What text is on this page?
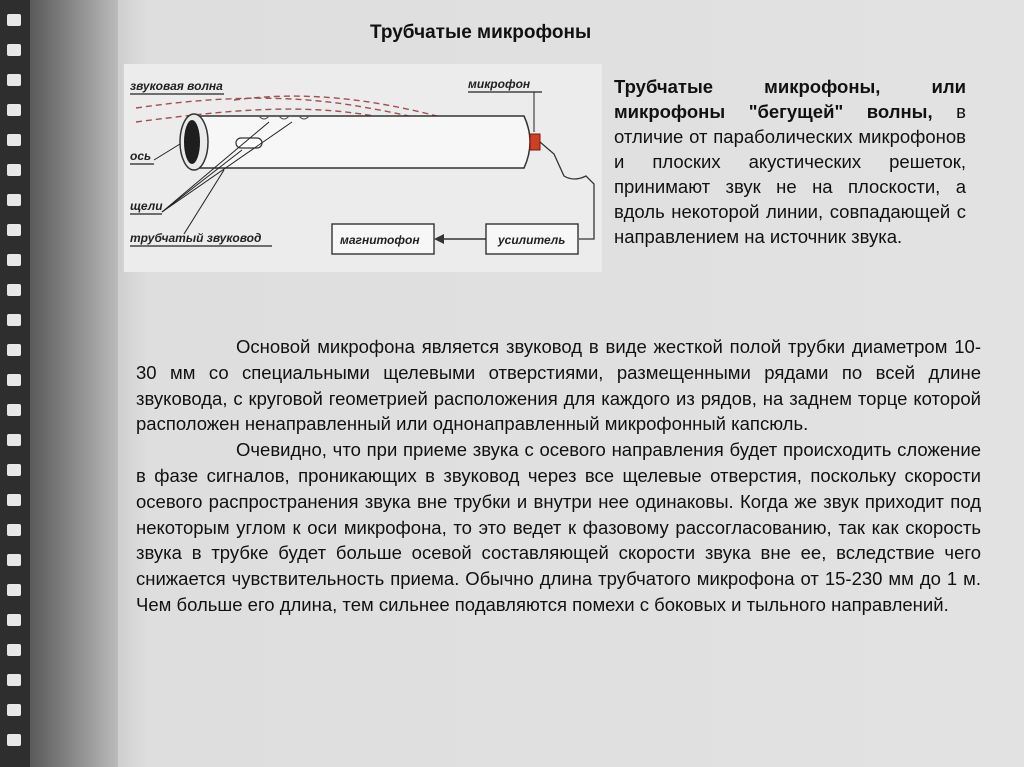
Трубчатые микрофоны
звуковая волна	микрофон
ось
щели
трубчатый звуковод	магнитофон	усилитель
Трубчатые микрофоны, или микрофоны "бегущей" волны, в отличие от параболических микрофонов и плоских акустических решеток, принимают звук не на плоскости, а вдоль некоторой линии, совпадающей с направлением на источник звука.

Основой микрофона является звуковод в виде жесткой полой трубки диаметром 10-30 мм со специальными щелевыми отверстиями, размещенными рядами по всей длине звуковода, с круговой геометрией расположения для каждого из рядов, на заднем торце которой расположен ненаправленный или однонаправленный микрофонный капсюль.

Очевидно, что при приеме звука с осевого направления будет происходить сложение в фазе сигналов, проникающих в звуковод через все щелевые отверстия, поскольку скорости осевого распространения звука вне трубки и внутри нее одинаковы. Когда же звук приходит под некоторым углом к оси микрофона, то это ведет к фазовому рассогласованию, так как скорость звука в трубке будет больше осевой составляющей скорости звука вне ее, вследствие чего снижается чувствительность приема. Обычно длина трубчатого микрофона от 15-230 мм до 1 м. Чем больше его длина, тем сильнее подавляются помехи с боковых и тыльного направлений.
